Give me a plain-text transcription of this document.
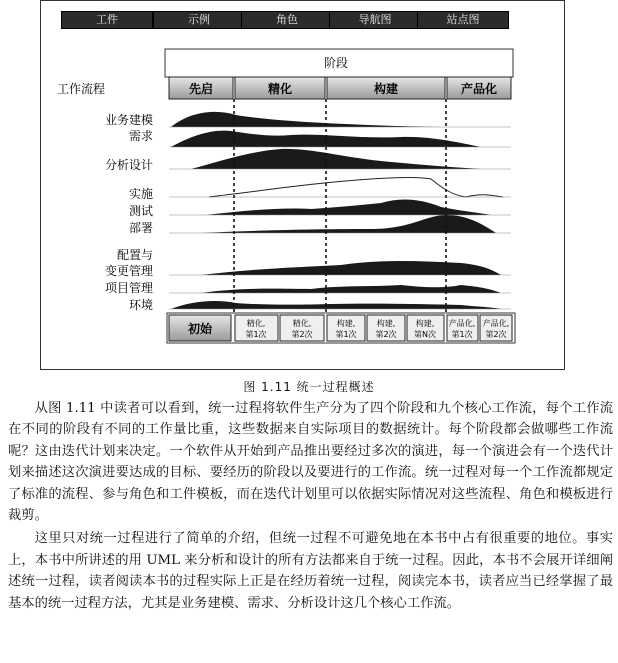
工件	示例	角色	导航图	站点图
阶段
工作流程	先启	精化	构建	产品化
业务建模
需求
分析设计
实施
测试
部署
配置与
变更管理
项目管理
环境
初始	精化,
第1次
精化,
第2次
构建,
第1次
构建,
第2次
构建,
第N次
产品化,
第1次
产品化,
第2次
图 1.11 统一过程概述

从图 1.11 中读者可以看到，统一过程将软件生产分为了四个阶段和九个核心工作流，每个工作流在不同的阶段有不同的工作量比重，这些数据来自实际项目的数据统计。每个阶段都会做哪些工作流呢？这由迭代计划来决定。一个软件从开始到产品推出要经过多次的演进，每一个演进会有一个迭代计划来描述这次演进要达成的目标、要经历的阶段以及要进行的工作流。统一过程对每一个工作流都规定了标准的流程、参与角色和工件模板，而在迭代计划里可以依据实际情况对这些流程、角色和模板进行裁剪。

这里只对统一过程进行了简单的介绍，但统一过程不可避免地在本书中占有很重要的地位。事实上，本书中所讲述的用 UML 来分析和设计的所有方法都来自于统一过程。因此，本书不会展开详细阐述统一过程，读者阅读本书的过程实际上正是在经历着统一过程，阅读完本书，读者应当已经掌握了最基本的统一过程方法，尤其是业务建模、需求、分析设计这几个核心工作流。
